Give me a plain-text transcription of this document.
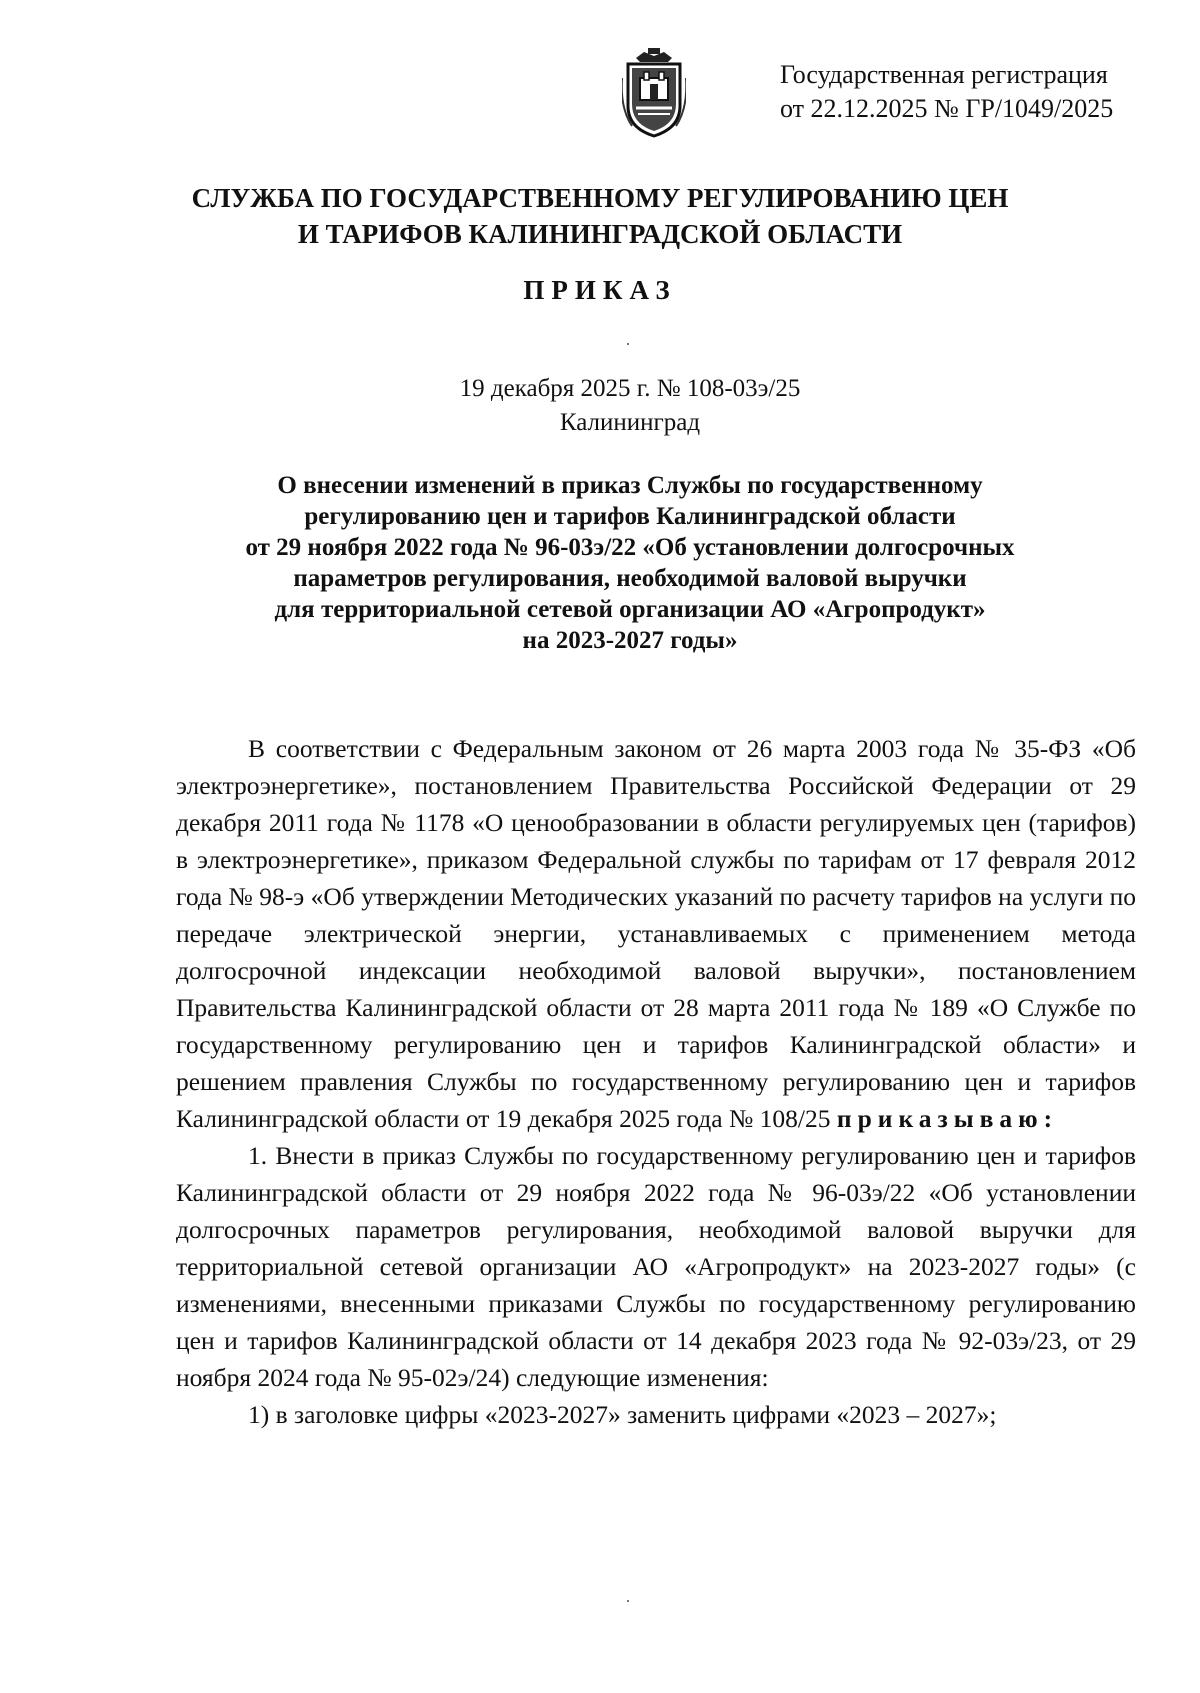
Государственная регистрация
от 22.12.2025 № ГР/1049/2025
СЛУЖБА ПО ГОСУДАРСТВЕННОМУ РЕГУЛИРОВАНИЮ ЦЕН
И ТАРИФОВ КАЛИНИНГРАДСКОЙ ОБЛАСТИ
ПРИКАЗ
19 декабря 2025 г. № 108-03э/25
Калининград
О внесении изменений в приказ Службы по государственному
регулированию цен и тарифов Калининградской области
от 29 ноября 2022 года № 96-03э/22 «Об установлении долгосрочных
параметров регулирования, необходимой валовой выручки
для территориальной сетевой организации АО «Агропродукт»
на 2023-2027 годы»

В соответствии с Федеральным законом от 26 марта 2003 года № 35-ФЗ «Об электроэнергетике», постановлением Правительства Российской Федерации от 29 декабря 2011 года № 1178 «О ценообразовании в области регулируемых цен (тарифов) в электроэнергетике», приказом Федеральной службы по тарифам от 17 февраля 2012 года № 98-э «Об утверждении Методических указаний по расчету тарифов на услуги по передаче электрической энергии, устанавливаемых с применением метода долгосрочной индексации необходимой валовой выручки», постановлением Правительства Калининградской области от 28 марта 2011 года № 189 «О Службе по государственному регулированию цен и тарифов Калининградской области» и решением правления Службы по государственному регулированию цен и тарифов Калининградской области от 19 декабря 2025 года № 108/25 приказываю:

1. Внести в приказ Службы по государственному регулированию цен и тарифов Калининградской области от 29 ноября 2022 года № 96-03э/22 «Об установлении долгосрочных параметров регулирования, необходимой валовой выручки для территориальной сетевой организации АО «Агропродукт» на 2023-2027 годы» (с изменениями, внесенными приказами Службы по государственному регулированию цен и тарифов Калининградской области от 14 декабря 2023 года № 92-03э/23, от 29 ноября 2024 года № 95-02э/24) следующие изменения:

1) в заголовке цифры «2023-2027» заменить цифрами «2023 – 2027»;
